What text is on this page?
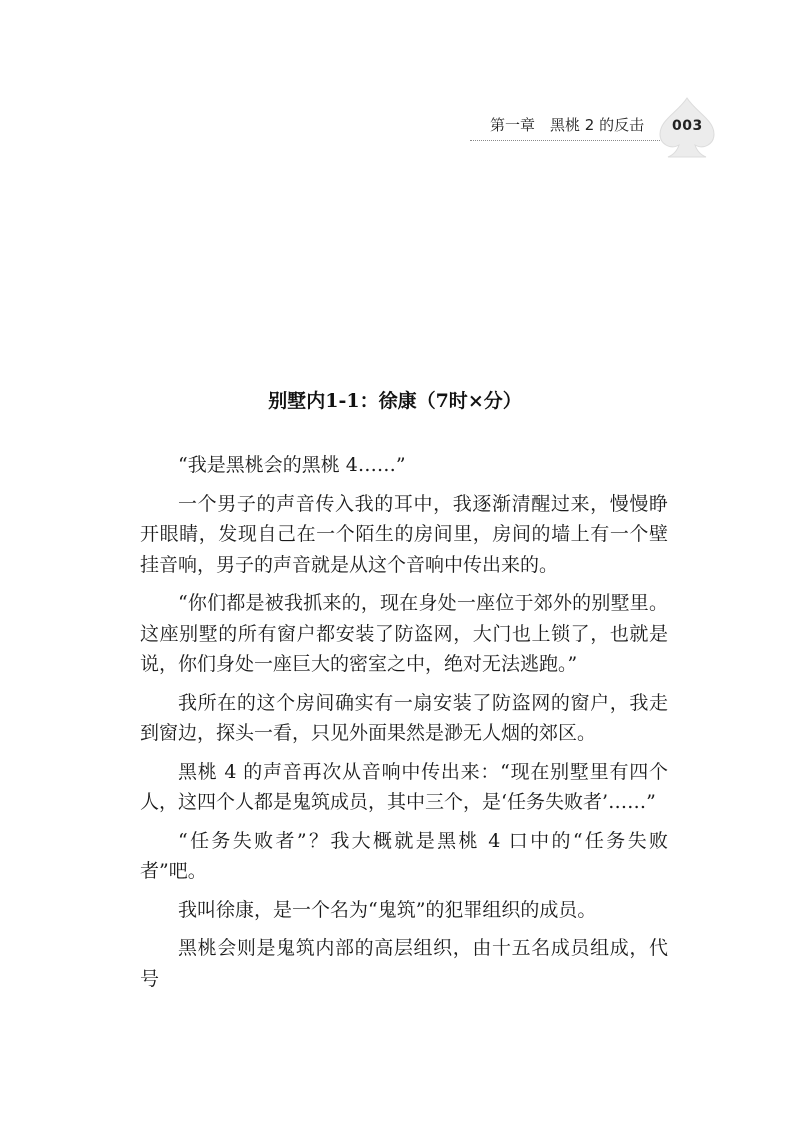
第一章　黑桃 2 的反击 003
别墅内1-1：徐康（7时×分）

“我是黑桃会的黑桃 4……”

一个男子的声音传入我的耳中，我逐渐清醒过来，慢慢睁开眼睛，发现自己在一个陌生的房间里，房间的墙上有一个壁挂音响，男子的声音就是从这个音响中传出来的。

“你们都是被我抓来的，现在身处一座位于郊外的别墅里。这座别墅的所有窗户都安装了防盗网，大门也上锁了，也就是说，你们身处一座巨大的密室之中，绝对无法逃跑。”

我所在的这个房间确实有一扇安装了防盗网的窗户，我走到窗边，探头一看，只见外面果然是渺无人烟的郊区。

黑桃 4 的声音再次从音响中传出来：“现在别墅里有四个人，这四个人都是鬼筑成员，其中三个，是‘任务失败者’……”

“任务失败者”？我大概就是黑桃 4 口中的“任务失败者”吧。

我叫徐康，是一个名为“鬼筑”的犯罪组织的成员。

黑桃会则是鬼筑内部的高层组织，由十五名成员组成，代号
